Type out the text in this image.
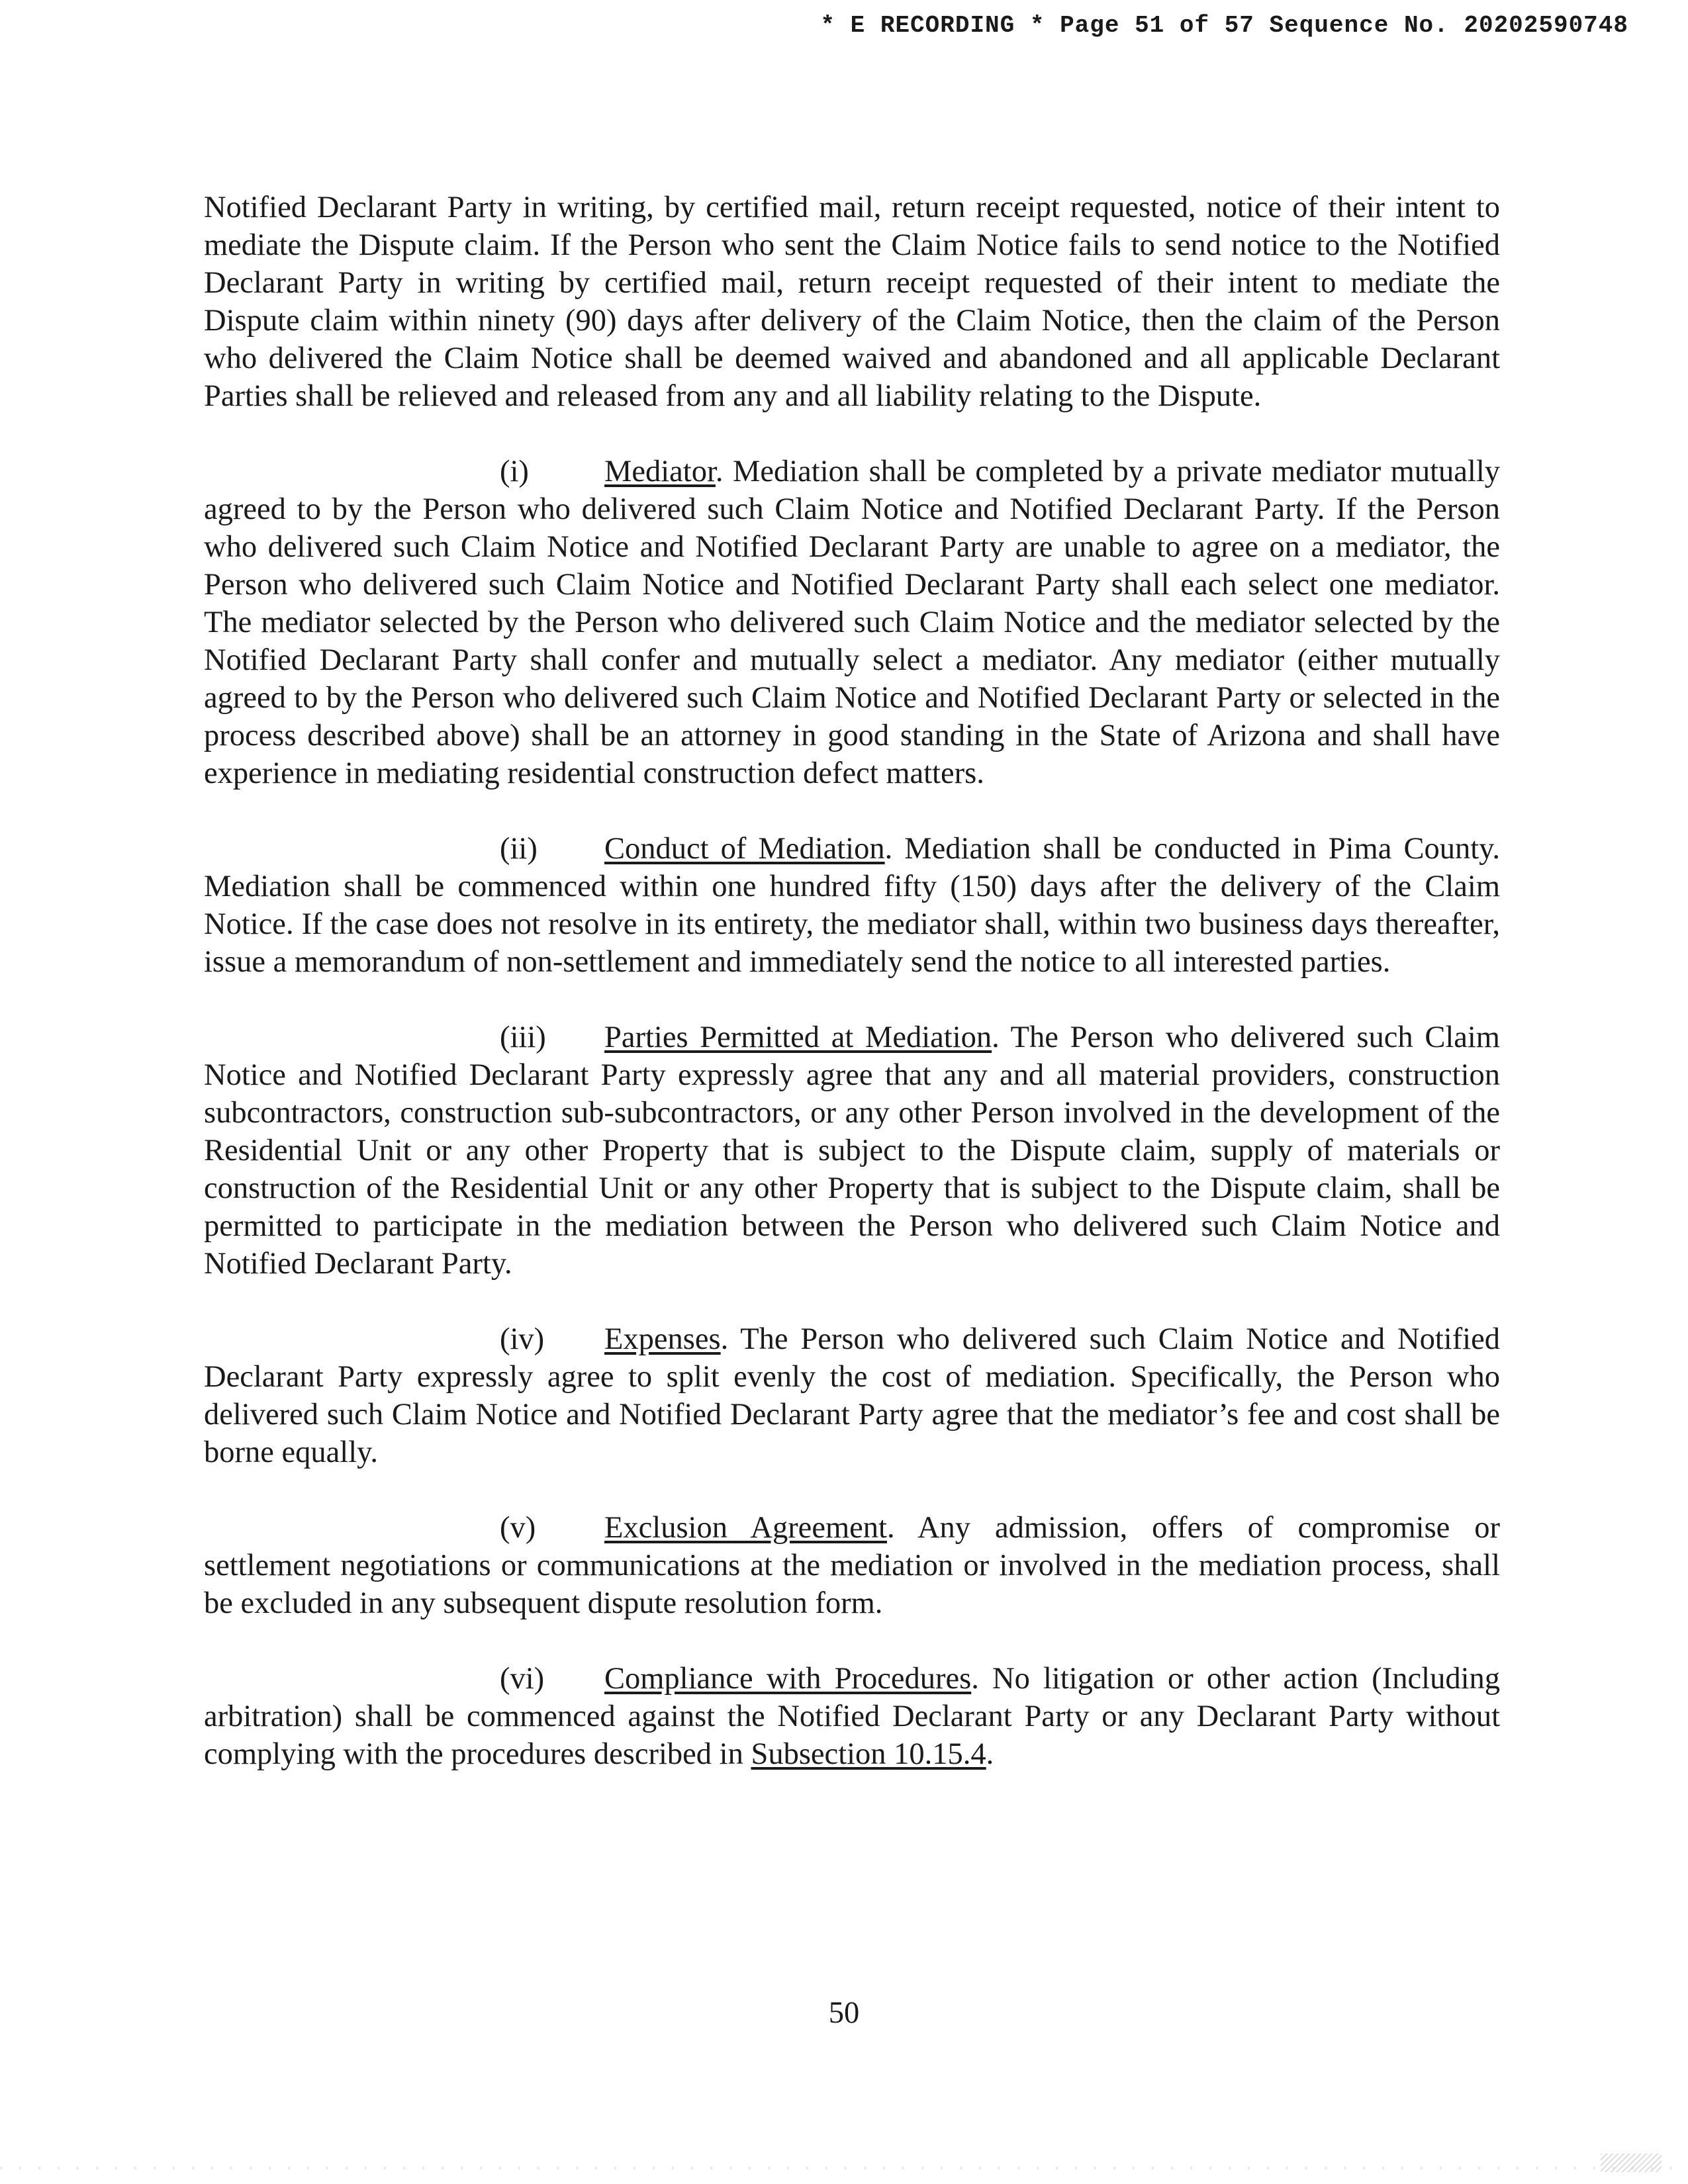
* E RECORDING * Page 51 of 57 Sequence No. 20202590748

Notified Declarant Party in writing, by certified mail, return receipt requested, notice of their intent to mediate the Dispute claim. If the Person who sent the Claim Notice fails to send notice to the Notified Declarant Party in writing by certified mail, return receipt requested of their intent to mediate the Dispute claim within ninety (90) days after delivery of the Claim Notice, then the claim of the Person who delivered the Claim Notice shall be deemed waived and abandoned and all applicable Declarant Parties shall be relieved and released from any and all liability relating to the Dispute.

(i) Mediator. Mediation shall be completed by a private mediator mutually agreed to by the Person who delivered such Claim Notice and Notified Declarant Party. If the Person who delivered such Claim Notice and Notified Declarant Party are unable to agree on a mediator, the Person who delivered such Claim Notice and Notified Declarant Party shall each select one mediator. The mediator selected by the Person who delivered such Claim Notice and the mediator selected by the Notified Declarant Party shall confer and mutually select a mediator. Any mediator (either mutually agreed to by the Person who delivered such Claim Notice and Notified Declarant Party or selected in the process described above) shall be an attorney in good standing in the State of Arizona and shall have experience in mediating residential construction defect matters.

(ii) Conduct of Mediation. Mediation shall be conducted in Pima County. Mediation shall be commenced within one hundred fifty (150) days after the delivery of the Claim Notice. If the case does not resolve in its entirety, the mediator shall, within two business days thereafter, issue a memorandum of non-settlement and immediately send the notice to all interested parties.

(iii) Parties Permitted at Mediation. The Person who delivered such Claim Notice and Notified Declarant Party expressly agree that any and all material providers, construction subcontractors, construction sub-subcontractors, or any other Person involved in the development of the Residential Unit or any other Property that is subject to the Dispute claim, supply of materials or construction of the Residential Unit or any other Property that is subject to the Dispute claim, shall be permitted to participate in the mediation between the Person who delivered such Claim Notice and Notified Declarant Party.

(iv) Expenses. The Person who delivered such Claim Notice and Notified Declarant Party expressly agree to split evenly the cost of mediation. Specifically, the Person who delivered such Claim Notice and Notified Declarant Party agree that the mediator’s fee and cost shall be borne equally.

(v) Exclusion Agreement. Any admission, offers of compromise or settlement negotiations or communications at the mediation or involved in the mediation process, shall be excluded in any subsequent dispute resolution form.

(vi) Compliance with Procedures. No litigation or other action (Including arbitration) shall be commenced against the Notified Declarant Party or any Declarant Party without complying with the procedures described in Subsection 10.15.4.

50
